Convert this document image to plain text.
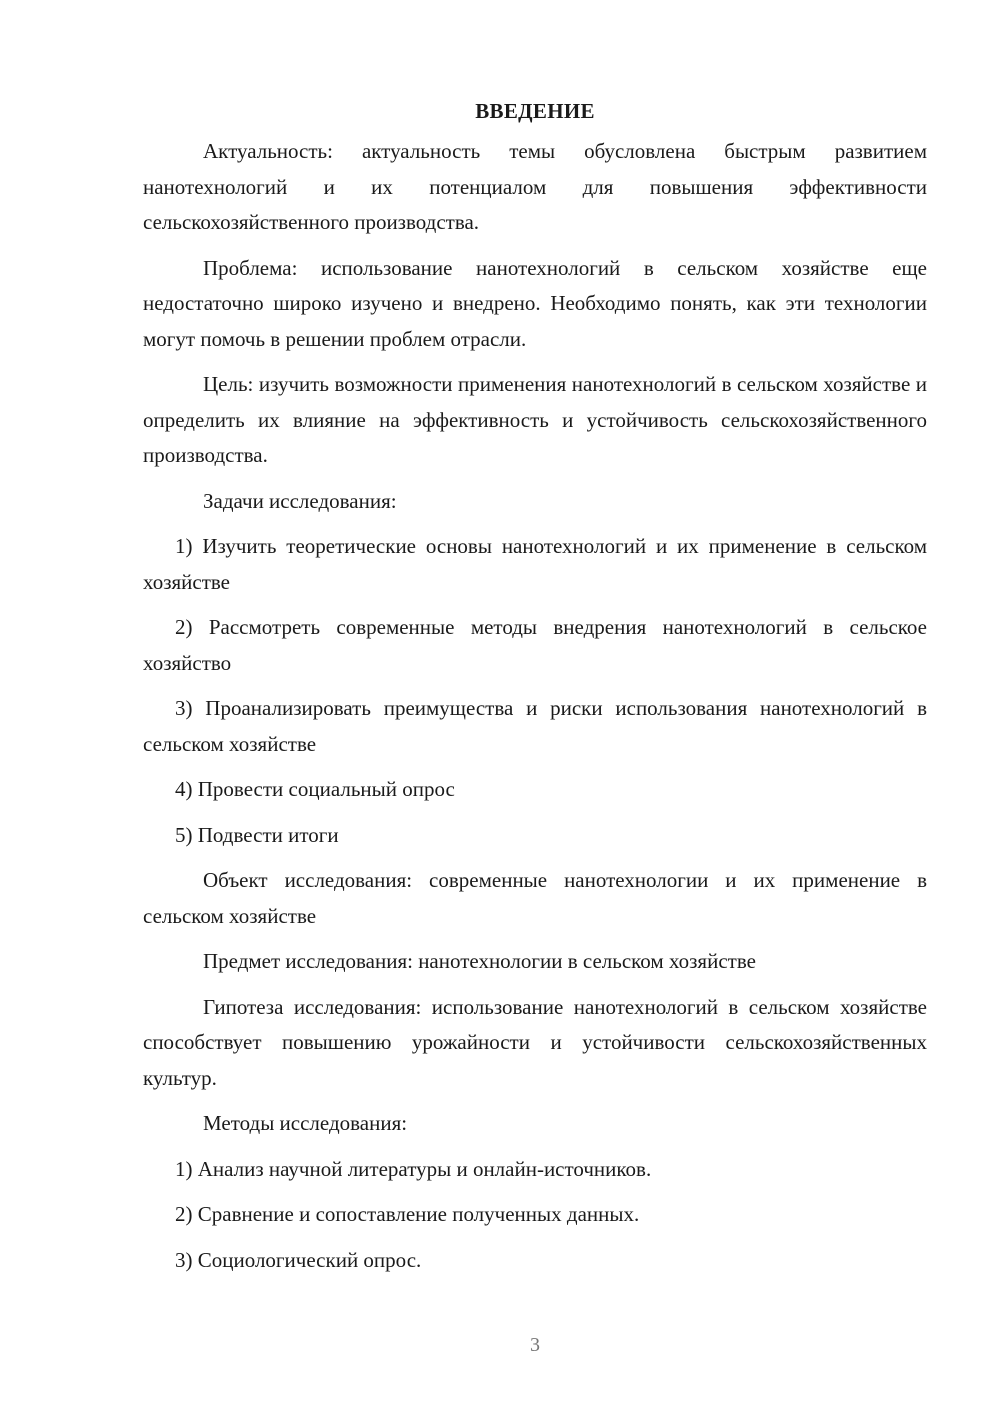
ВВЕДЕНИЕ

Актуальность: актуальность темы обусловлена быстрым развитием нанотехнологий и их потенциалом для повышения эффективности сельскохозяйственного производства.

Проблема: использование нанотехнологий в сельском хозяйстве еще недостаточно широко изучено и внедрено. Необходимо понять, как эти технологии могут помочь в решении проблем отрасли.

Цель: изучить возможности применения нанотехнологий в сельском хозяйстве и определить их влияние на эффективность и устойчивость сельскохозяйственного производства.

Задачи исследования:

1) Изучить теоретические основы нанотехнологий и их применение в сельском хозяйстве

2) Рассмотреть современные методы внедрения нанотехнологий в сельское хозяйство

3) Проанализировать преимущества и риски использования нанотехнологий в сельском хозяйстве

4) Провести социальный опрос

5) Подвести итоги

Объект исследования: современные нанотехнологии и их применение в сельском хозяйстве

Предмет исследования: нанотехнологии в сельском хозяйстве

Гипотеза исследования: использование нанотехнологий в сельском хозяйстве способствует повышению урожайности и устойчивости сельскохозяйственных культур.

Методы исследования:

1) Анализ научной литературы и онлайн-источников.

2) Сравнение и сопоставление полученных данных.

3) Социологический опрос.

3
